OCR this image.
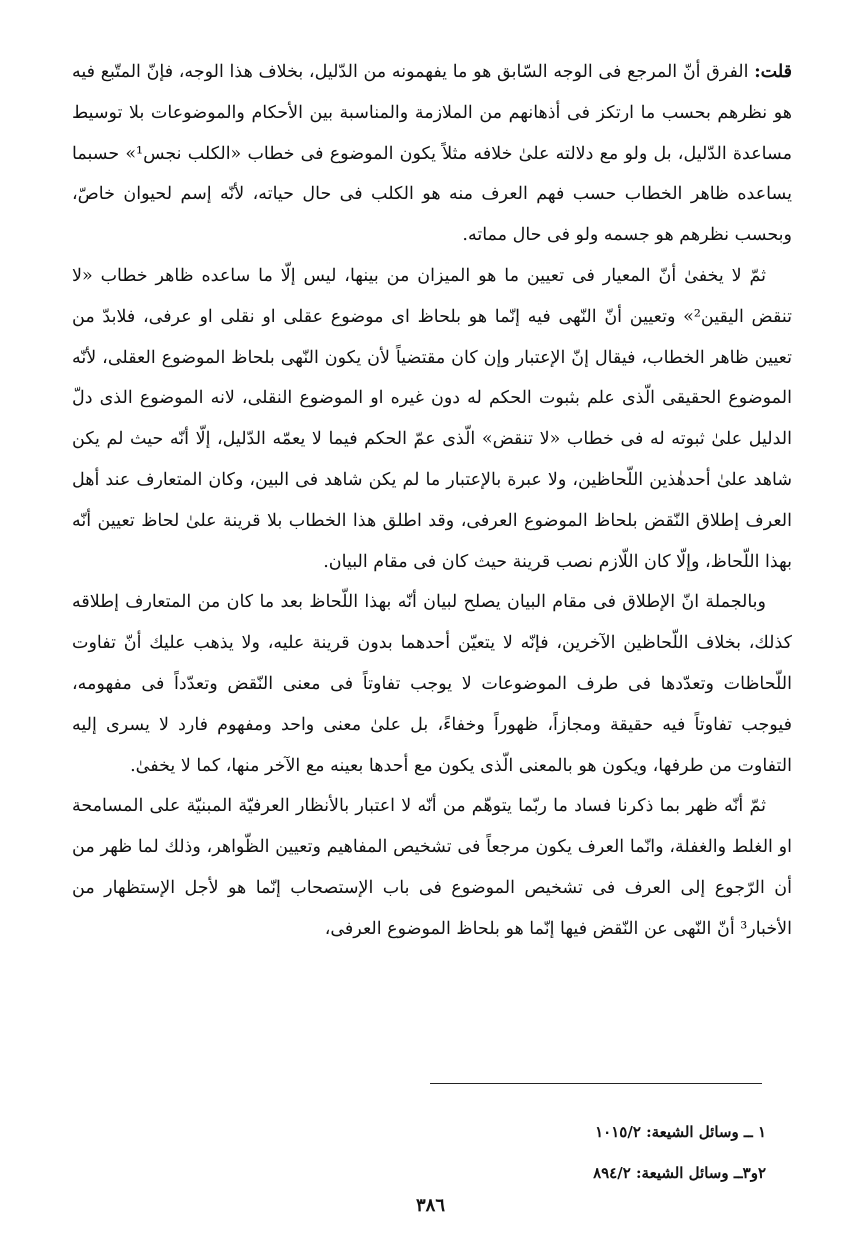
قلت: الفرق أنّ المرجع فى الوجه السّابق هو ما يفهمونه من الدّليل، بخلاف هذا الوجه، فإنّ المتّبع فيه هو نظرهم بحسب ما ارتكز فى أذهانهم من الملازمة والمناسبة بين الأحكام والموضوعات بلا توسيط مساعدة الدّليل، بل ولو مع دلالته علىٰ خلافه مثلاً يكون الموضوع فى خطاب «الكلب نجس¹» حسبما يساعده ظاهر الخطاب حسب فهم العرف منه هو الكلب فى حال حياته، لأنّه إسم لحيوان خاصّ، وبحسب نظرهم هو جسمه ولو فى حال مماته.

ثمّ لا يخفىٰ أنّ المعيار فى تعيين ما هو الميزان من بينها، ليس إلّا ما ساعده ظاهر خطاب «لا تنقض اليقين²» وتعيين أنّ النّهى فيه إنّما هو بلحاظ اى موضوع عقلى او نقلى او عرفى، فلابدّ من تعيين ظاهر الخطاب، فيقال إنّ الإعتبار وإن كان مقتضياً لأن يكون النّهى بلحاظ الموضوع العقلى، لأنّه الموضوع الحقيقى الّذى علم بثبوت الحكم له دون غيره او الموضوع النقلى، لانه الموضوع الذى دلّ الدليل علىٰ ثبوته له فى خطاب «لا تنقض» الّذى عمّ الحكم فيما لا يعمّه الدّليل، إلّا أنّه حيث لم يكن شاهد علىٰ أحدهٰذين اللّحاظين، ولا عبرة بالإعتبار ما لم يكن شاهد فى البين، وكان المتعارف عند أهل العرف إطلاق النّقض بلحاظ الموضوع العرفى، وقد اطلق هذا الخطاب بلا قرينة علىٰ لحاظ تعيين أنّه بهذا اللّحاظ، وإلّا كان اللّازم نصب قرينة حيث كان فى مقام البيان.

وبالجملة انّ الإطلاق فى مقام البيان يصلح لبيان أنّه بهذا اللّحاظ بعد ما كان من المتعارف إطلاقه كذلك، بخلاف اللّحاظين الآخرين، فإنّه لا يتعيّن أحدهما بدون قرينة عليه، ولا يذهب عليك أنّ تفاوت اللّحاظات وتعدّدها فى طرف الموضوعات لا يوجب تفاوتاً فى معنى النّقض وتعدّداً فى مفهومه، فيوجب تفاوتاً فيه حقيقة ومجازاً، ظهوراً وخفاءً، بل علىٰ معنى واحد ومفهوم فارد لا يسرى إليه التفاوت من طرفها، ويكون هو بالمعنى الّذى يكون مع أحدها بعينه مع الآخر منها، كما لا يخفىٰ.

ثمّ أنّه ظهر بما ذكرنا فساد ما ربّما يتوهّم من أنّه لا اعتبار بالأنظار العرفيّة المبنيّة على المسامحة او الغلط والغفلة، وانّما العرف يكون مرجعاً فى تشخيص المفاهيم وتعيين الظّواهر، وذلك لما ظهر من أن الرّجوع إلى العرف فى تشخيص الموضوع فى باب الإستصحاب إنّما هو لأجل الإستظهار من الأخبار³ أنّ النّهى عن النّقض فيها إنّما هو بلحاظ الموضوع العرفى،

١ ــ وسائل الشيعة: ١٠١٥/٢

٢و٣ــ وسائل الشيعة: ٨٩٤/٢

٣٨٦
